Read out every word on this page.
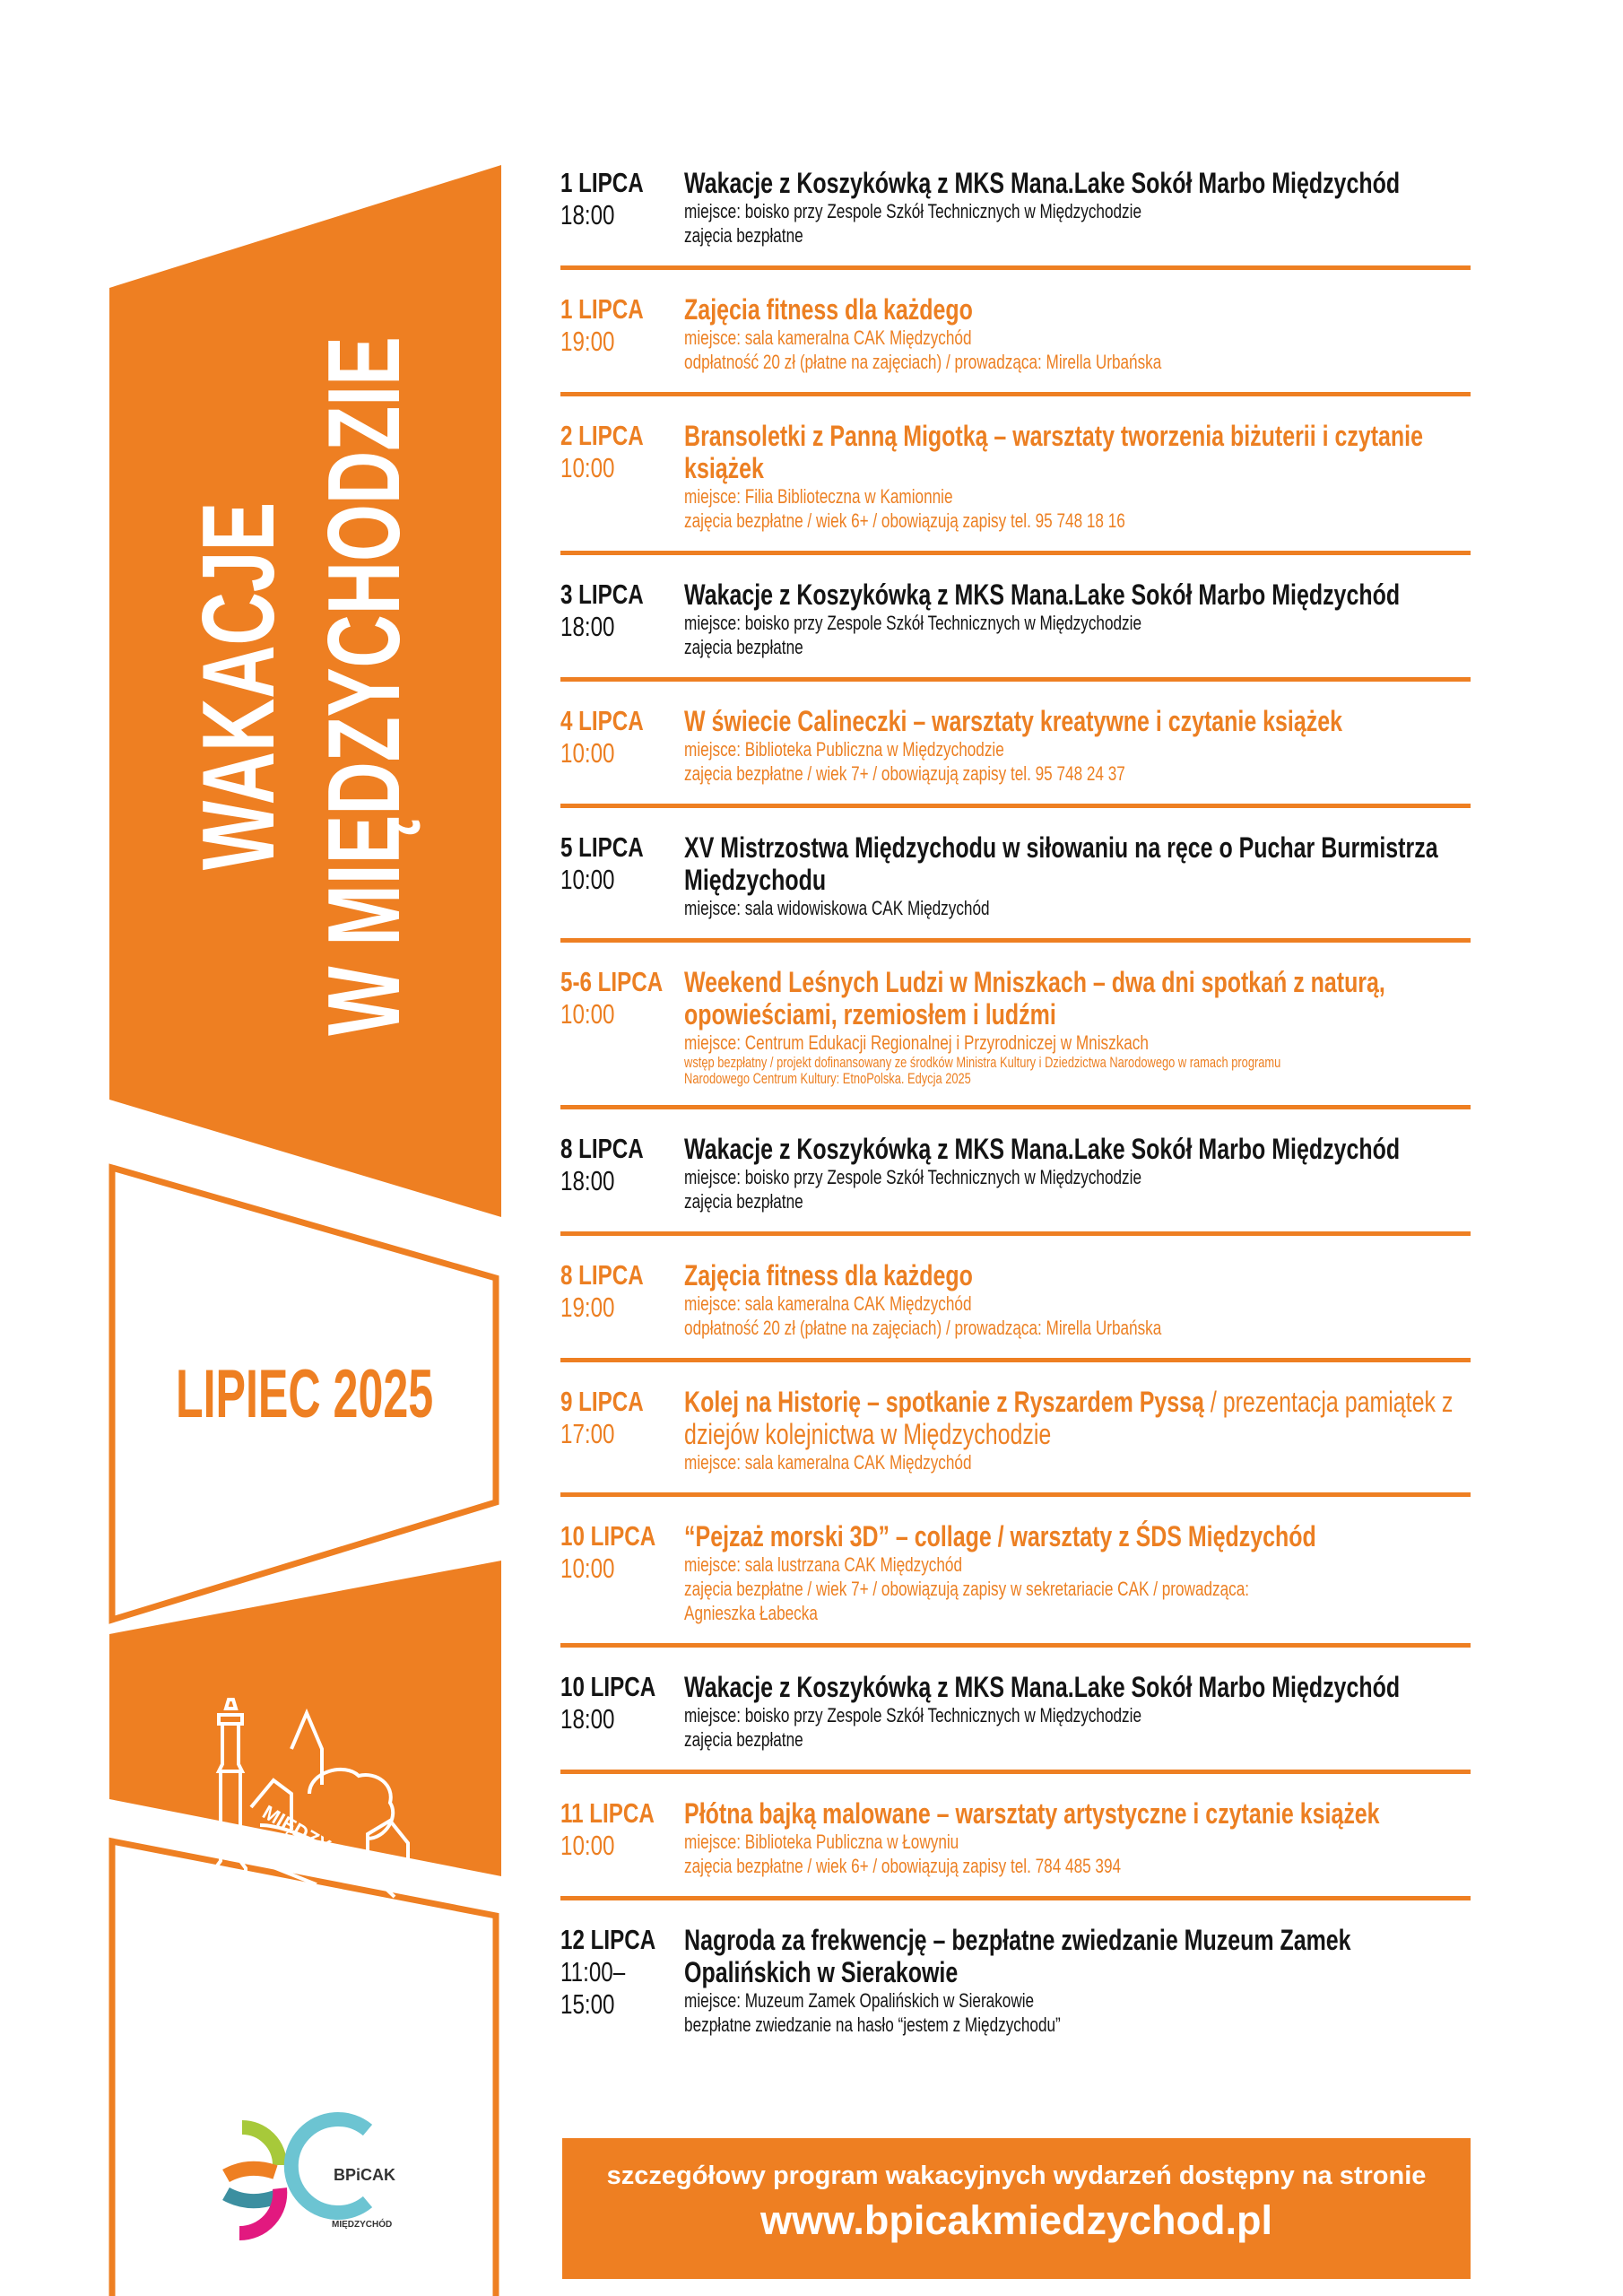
MIĘDZYCHÓD
miasto z pompą
BPiCAK
MIĘDZYCHÓD
WAKACJE W MIĘDZYCHODZIE
LIPIEC 2025
1 LIPCA
18:00
Wakacje z Koszykówką z MKS Mana.Lake Sokół Marbo Międzychód
miejsce: boisko przy Zespole Szkół Technicznych w Międzychodzie
zajęcia bezpłatne
1 LIPCA
19:00
Zajęcia fitness dla każdego
miejsce: sala kameralna CAK Międzychód
odpłatność 20 zł (płatne na zajęciach) / prowadząca: Mirella Urbańska
2 LIPCA
10:00
Bransoletki z Panną Migotką – warsztaty tworzenia biżuterii i czytanie książek
miejsce: Filia Biblioteczna w Kamionnie
zajęcia bezpłatne / wiek 6+ / obowiązują zapisy tel. 95 748 18 16
3 LIPCA
18:00
Wakacje z Koszykówką z MKS Mana.Lake Sokół Marbo Międzychód
miejsce: boisko przy Zespole Szkół Technicznych w Międzychodzie
zajęcia bezpłatne
4 LIPCA
10:00
W świecie Calineczki – warsztaty kreatywne i czytanie książek
miejsce: Biblioteka Publiczna w Międzychodzie
zajęcia bezpłatne / wiek 7+ / obowiązują zapisy tel. 95 748 24 37
5 LIPCA
10:00
XV Mistrzostwa Międzychodu w siłowaniu na ręce o Puchar Burmistrza Międzychodu
miejsce: sala widowiskowa CAK Międzychód
5-6 LIPCA
10:00
Weekend Leśnych Ludzi w Mniszkach – dwa dni spotkań z naturą, opowieściami, rzemiosłem i ludźmi
miejsce: Centrum Edukacji Regionalnej i Przyrodniczej w Mniszkach
wstęp bezpłatny / projekt dofinansowany ze środków Ministra Kultury i Dziedzictwa Narodowego w ramach programu
Narodowego Centrum Kultury: EtnoPolska. Edycja 2025
8 LIPCA
18:00
Wakacje z Koszykówką z MKS Mana.Lake Sokół Marbo Międzychód
miejsce: boisko przy Zespole Szkół Technicznych w Międzychodzie
zajęcia bezpłatne
8 LIPCA
19:00
Zajęcia fitness dla każdego
miejsce: sala kameralna CAK Międzychód
odpłatność 20 zł (płatne na zajęciach) / prowadząca: Mirella Urbańska
9 LIPCA
17:00
Kolej na Historię – spotkanie z Ryszardem Pyssą / prezentacja pamiątek z dziejów kolejnictwa w Międzychodzie
miejsce: sala kameralna CAK Międzychód
10 LIPCA
10:00
“Pejzaż morski 3D” – collage / warsztaty z ŚDS Międzychód
miejsce: sala lustrzana CAK Międzychód
zajęcia bezpłatne / wiek 7+ / obowiązują zapisy w sekretariacie CAK / prowadząca:
Agnieszka Łabecka
10 LIPCA
18:00
Wakacje z Koszykówką z MKS Mana.Lake Sokół Marbo Międzychód
miejsce: boisko przy Zespole Szkół Technicznych w Międzychodzie
zajęcia bezpłatne
11 LIPCA
10:00
Płótna bajką malowane – warsztaty artystyczne i czytanie książek
miejsce: Biblioteka Publiczna w Łowyniu
zajęcia bezpłatne / wiek 6+ / obowiązują zapisy tel. 784 485 394
12 LIPCA
11:00–
15:00
Nagroda za frekwencję – bezpłatne zwiedzanie Muzeum Zamek Opalińskich w Sierakowie
miejsce: Muzeum Zamek Opalińskich w Sierakowie
bezpłatne zwiedzanie na hasło “jestem z Międzychodu”
szczegółowy program wakacyjnych wydarzeń dostępny na stronie
www.bpicakmiedzychod.pl
